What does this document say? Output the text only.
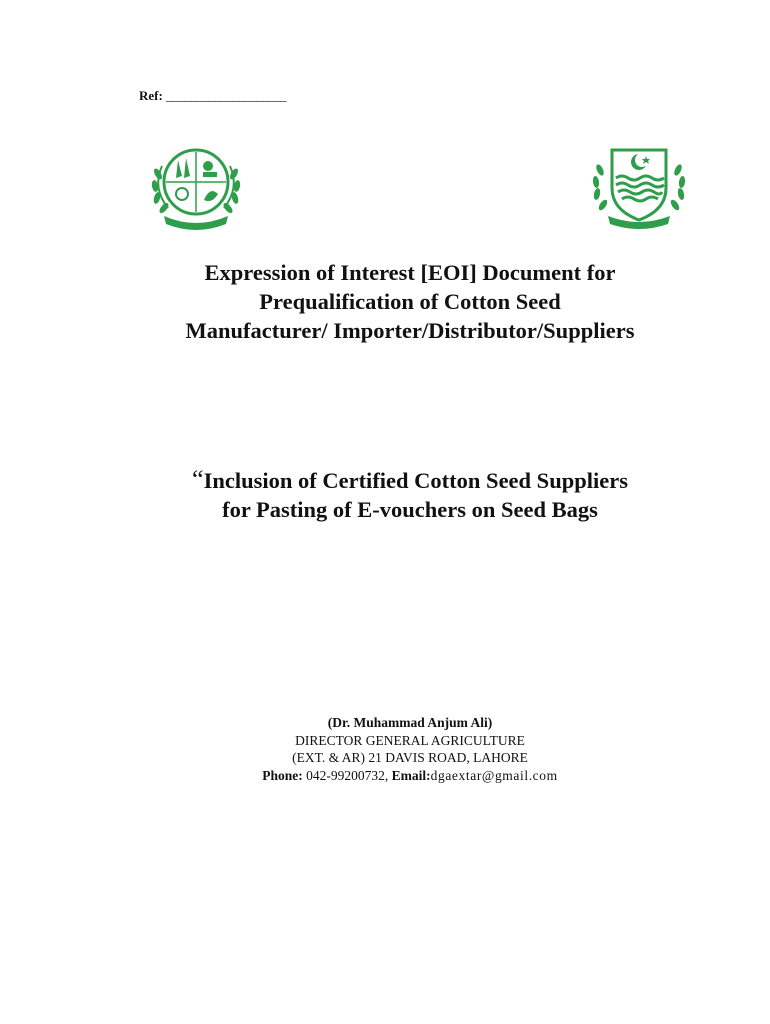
Ref: ____________________
Expression of Interest [EOI] Document for
Prequalification of Cotton Seed
Manufacturer/ Importer/Distributor/Suppliers
“Inclusion of Certified Cotton Seed Suppliers
for Pasting of E-vouchers on Seed Bags
(Dr. Muhammad Anjum Ali)
DIRECTOR GENERAL AGRICULTURE
(EXT. & AR) 21 DAVIS ROAD, LAHORE
Phone: 042-99200732, Email:dgaextar@gmail.com
